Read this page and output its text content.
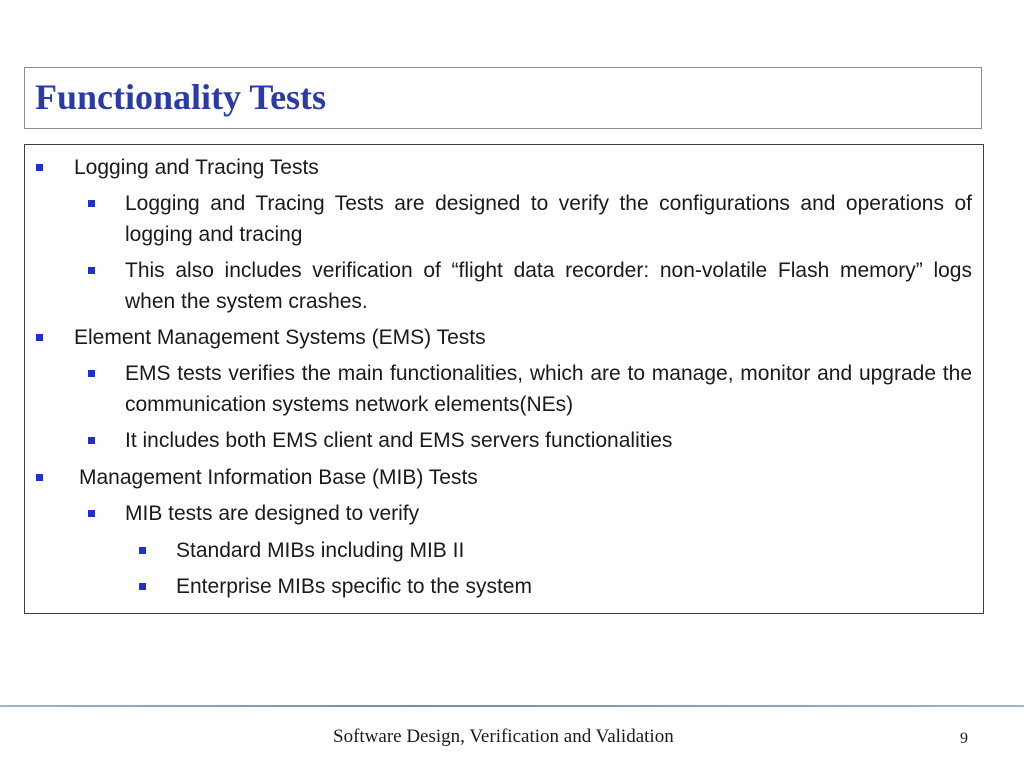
Functionality Tests
Logging and Tracing Tests
Logging and Tracing Tests are designed to verify the configurations and operations of logging and tracing
This also includes verification of “flight data recorder: non-volatile Flash memory” logs when the system crashes.
Element Management Systems (EMS) Tests
EMS tests verifies the main functionalities, which are to manage, monitor and upgrade the communication systems network elements(NEs)
It includes both EMS client and EMS servers functionalities
Management Information Base (MIB) Tests
MIB tests are designed to verify
Standard MIBs including MIB II
Enterprise MIBs specific to the system
Software Design, Verification and Validation	9
